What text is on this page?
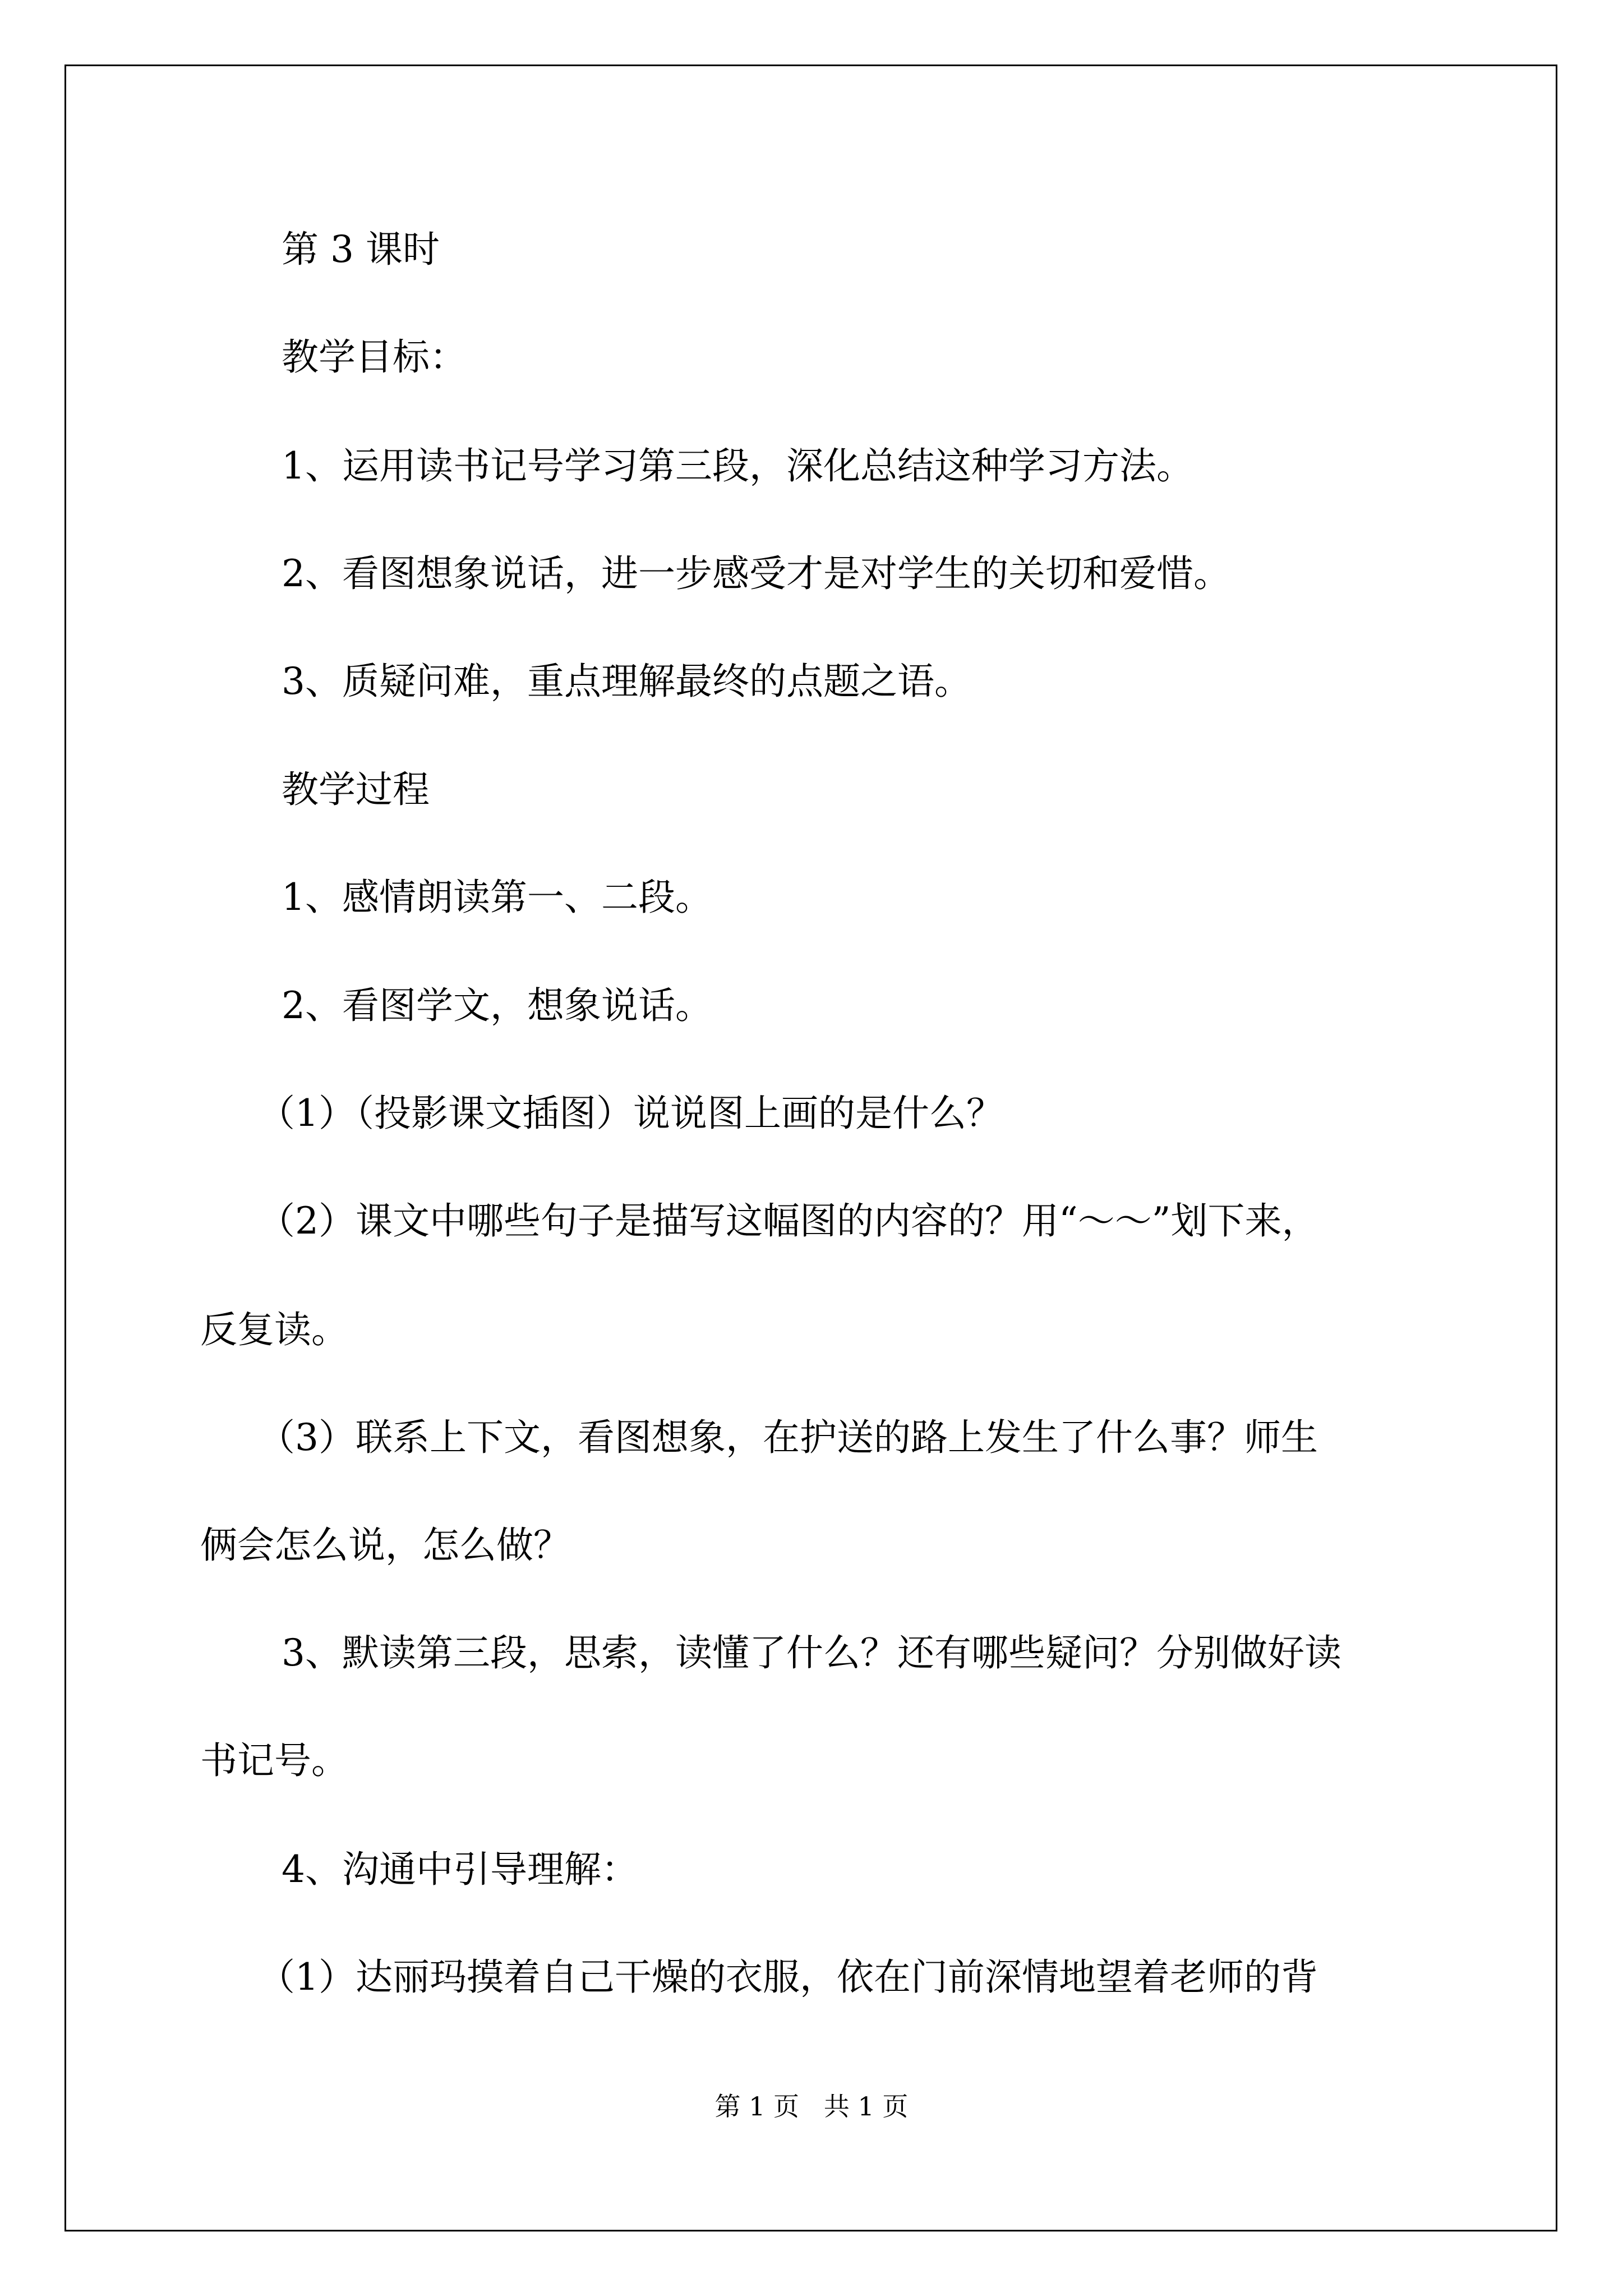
第 3 课时
教学目标：
1、运用读书记号学习第三段，深化总结这种学习方法。
2、看图想象说话，进一步感受才是对学生的关切和爱惜。
3、质疑问难，重点理解最终的点题之语。
教学过程
1、感情朗读第一、二段。
2、看图学文，想象说话。
（1）（投影课文插图）说说图上画的是什么？
（2）课文中哪些句子是描写这幅图的内容的？用“～～”划下来，
反复读。
（3）联系上下文，看图想象，在护送的路上发生了什么事？师生
俩会怎么说，怎么做？
3、默读第三段，思索，读懂了什么？还有哪些疑问？分别做好读
书记号。
4、沟通中引导理解：
（1）达丽玛摸着自己干燥的衣服，依在门前深情地望着老师的背
第 1 页   共 1 页
